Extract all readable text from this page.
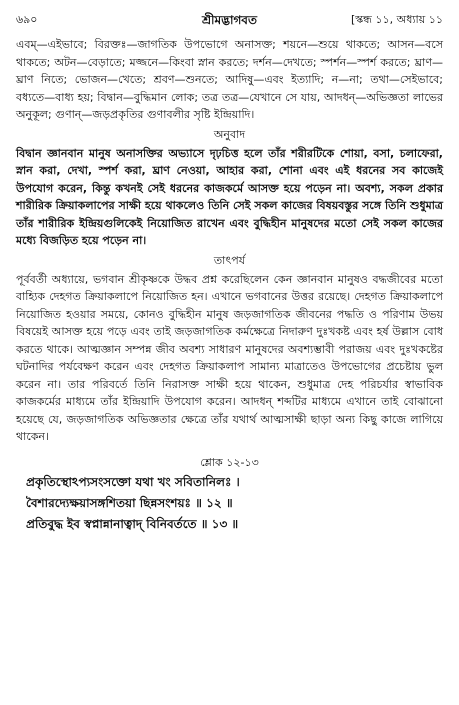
৬৯০	শ্রীমদ্ভাগবত	[স্কন্ধ ১১, অধ্যায় ১১

এবম্—এইভাবে; বিরক্তঃ—জাগতিক উপভোগে অনাসক্ত; শয়নে—শুয়ে থাকতে; আসন—বসে থাকতে; অটন—বেড়াতে; মজ্জনে—কিংবা স্নান করতে; দর্শন—দেখতে; স্পর্শন—স্পর্শ করতে; ঘ্রাণ—ঘ্রাণ নিতে; ভোজন—খেতে; শ্রবণ—শুনতে; আদিষু—এবং ইত্যাদি; ন—না; তথা—সেইভাবে; বধ্যতে—বাধ্য হয়; বিদ্বান—বুদ্ধিমান লোক; তত্র তত্র—যেখানে সে যায়, আদধন্—অভিজ্ঞতা লাভের অনুকূল; গুণান্—জড়প্রকৃতির গুণাবলীর সৃষ্টি ইন্দ্রিয়াদি।

অনুবাদ

বিদ্বান জ্ঞানবান মানুষ অনাসক্তির অভ্যাসে দৃঢ়চিত্ত হলে তাঁর শরীরটিকে শোয়া, বসা, চলাফেরা, স্নান করা, দেখা, স্পর্শ করা, ঘ্রাণ নেওয়া, আহার করা, শোনা এবং এই ধরনের সব কাজেই উপযোগ করেন, কিন্তু কখনই সেই ধরনের কাজকর্মে আসক্ত হয়ে পড়েন না। অবশ্য, সকল প্রকার শারীরিক ক্রিয়াকলাপের সাক্ষী হয়ে থাকলেও তিনি সেই সকল কাজের বিষয়বস্তুর সঙ্গে তিনি শুধুমাত্র তাঁর শারীরিক ইন্দ্রিয়গুলিকেই নিয়োজিত রাখেন এবং বুদ্ধিহীন মানুষদের মতো সেই সকল কাজের মধ্যে বিজড়িত হয়ে পড়েন না।

তাৎপর্য

পূর্ববর্তী অধ্যায়ে, ভগবান শ্রীকৃষ্ণকে উদ্ধব প্রশ্ন করেছিলেন কেন জ্ঞানবান মানুষও বদ্ধজীবের মতো বাহ্যিক দেহগত ক্রিয়াকলাপে নিয়োজিত হন। এখানে ভগবানের উত্তর রয়েছে। দেহগত ক্রিয়াকলাপে নিয়োজিত হওয়ার সময়ে, কোনও বুদ্ধিহীন মানুষ জড়জাগতিক জীবনের পদ্ধতি ও পরিণাম উভয় বিষয়েই আসক্ত হয়ে পড়ে এবং তাই জড়জাগতিক কর্মক্ষেত্রে নিদারুণ দুঃখকষ্ট এবং হর্ষ উল্লাস বোধ করতে থাকে। আত্মজ্ঞান সম্পন্ন জীব অবশ্য সাধারণ মানুষদের অবশ্যম্ভাবী পরাজয় এবং দুঃখকষ্টের ঘটনাদির পর্যবেক্ষণ করেন এবং দেহগত ক্রিয়াকলাপ সামান্য মাত্রাতেও উপভোগের প্রচেষ্টায় ভুল করেন না। তার পরিবর্তে তিনি নিরাসক্ত সাক্ষী হয়ে থাকেন, শুধুমাত্র দেহ পরিচর্যার স্বাভাবিক কাজকর্মের মাধ্যমে তাঁর ইন্দ্রিয়াদি উপযোগ করেন। আদধন্ শব্দটির মাধ্যমে এখানে তাই বোঝানো হয়েছে যে, জড়জাগতিক অভিজ্ঞতার ক্ষেত্রে তাঁর যথার্থ আত্মসাক্ষী ছাড়া অন্য কিছু কাজে লাগিয়ে থাকেন।

শ্লোক ১২-১৩
প্রকৃতিস্থোঽপ্যসংসক্তো যথা খং সবিতানিলঃ ।
বৈশারদ্যেক্ষয়াসঙ্গশিতয়া ছিন্নসংশয়ঃ ॥ ১২ ॥
প্রতিবুদ্ধ ইব স্বপ্নান্নানাত্বাদ্ বিনিবর্ততে ॥ ১৩ ॥
